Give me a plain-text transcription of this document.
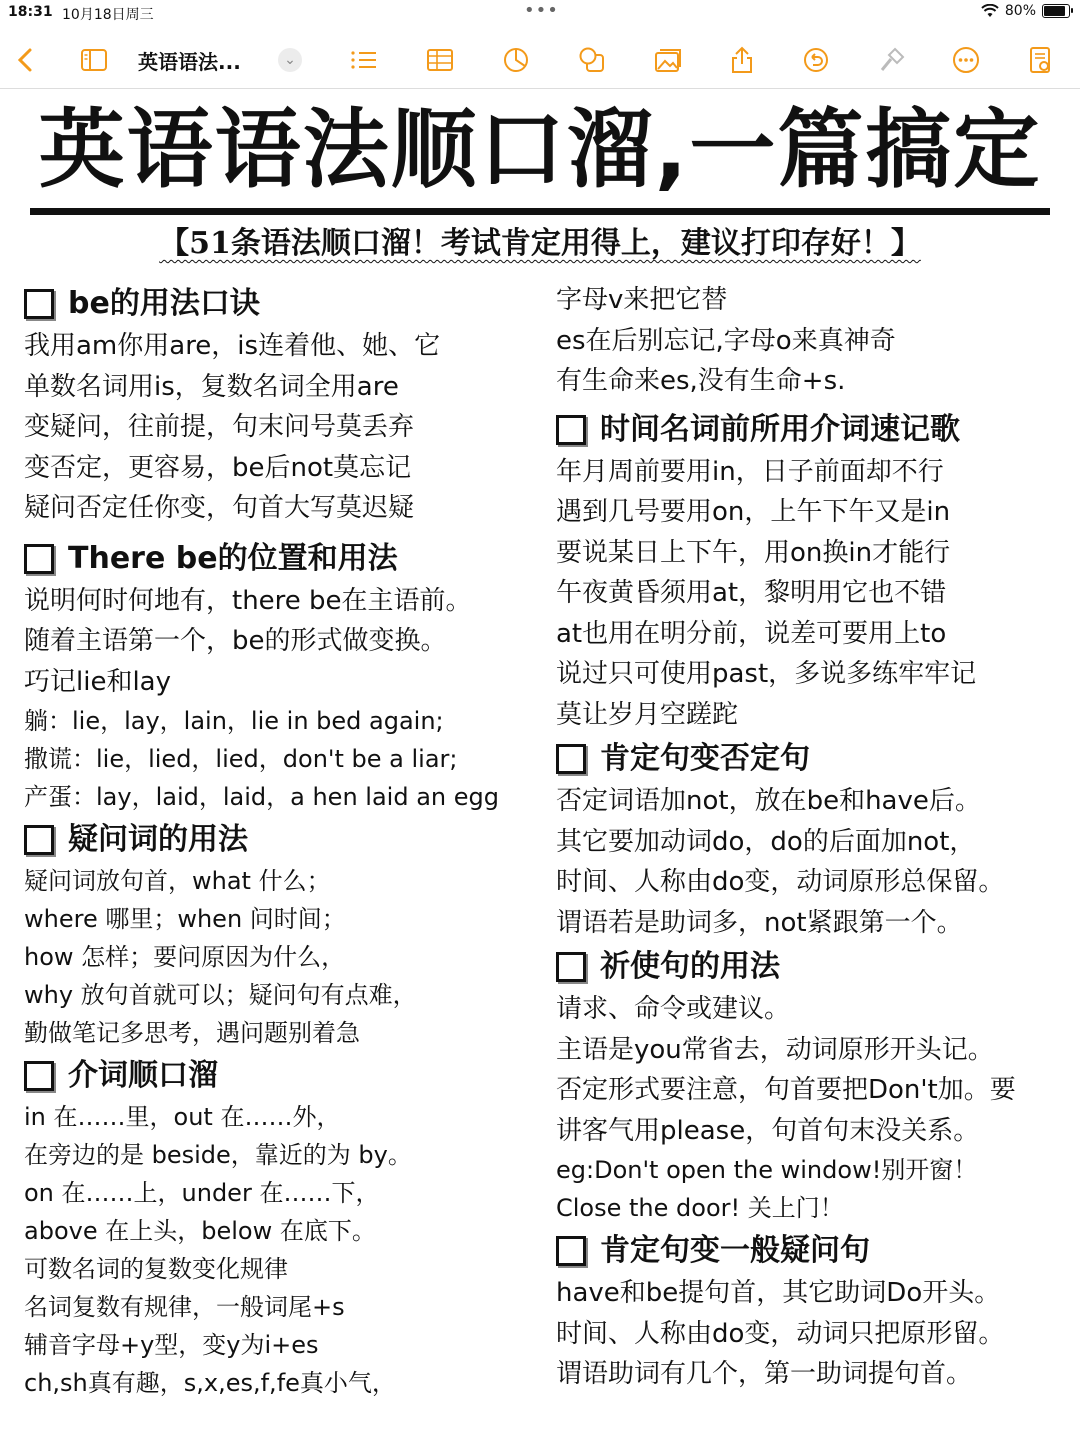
18:31 10月18日周三	•••	80%
英语语法...	⌄
英语语法顺口溜,一篇搞定
【51条语法顺口溜！考试肯定用得上，建议打印存好！】
be的用法口诀
我用am你用are，is连着他、她、它
单数名词用is，复数名词全用are
变疑问，往前提，句末问号莫丢弃
变否定，更容易，be后not莫忘记
疑问否定任你变，句首大写莫迟疑
There be的位置和用法
说明何时何地有，there be在主语前。
随着主语第一个，be的形式做变换。
巧记lie和lay
躺：lie，lay，lain，lie in bed again;
撒谎：lie，lied，lied，don't be a liar;
产蛋：lay，laid，laid，a hen laid an egg
疑问词的用法
疑问词放句首，what 什么；
where 哪里；when 问时间；
how 怎样；要问原因为什么，
why 放句首就可以；疑问句有点难，
勤做笔记多思考，遇问题别着急
介词顺口溜
in 在……里，out 在……外，
在旁边的是 beside，靠近的为 by。
on 在……上，under 在……下，
above 在上头，below 在底下。
可数名词的复数变化规律
名词复数有规律，一般词尾+s
辅音字母+y型，变y为i+es
ch,sh真有趣，s,x,es,f,fe真小气，
字母v来把它替
es在后别忘记,字母o来真神奇
有生命来es,没有生命+s.
时间名词前所用介词速记歌
年月周前要用in，日子前面却不行
遇到几号要用on，上午下午又是in
要说某日上下午，用on换in才能行
午夜黄昏须用at，黎明用它也不错
at也用在明分前，说差可要用上to
说过只可使用past，多说多练牢牢记
莫让岁月空蹉跎
肯定句变否定句
否定词语加not，放在be和have后。
其它要加动词do，do的后面加not，
时间、人称由do变，动词原形总保留。
谓语若是助词多，not紧跟第一个。
祈使句的用法
请求、命令或建议。
主语是you常省去，动词原形开头记。
否定形式要注意，句首要把Don't加。要
讲客气用please，句首句末没关系。
eg:Don't open the window!别开窗！
Close the door! 关上门！
肯定句变一般疑问句
have和be提句首，其它助词Do开头。
时间、人称由do变，动词只把原形留。
谓语助词有几个，第一助词提句首。
